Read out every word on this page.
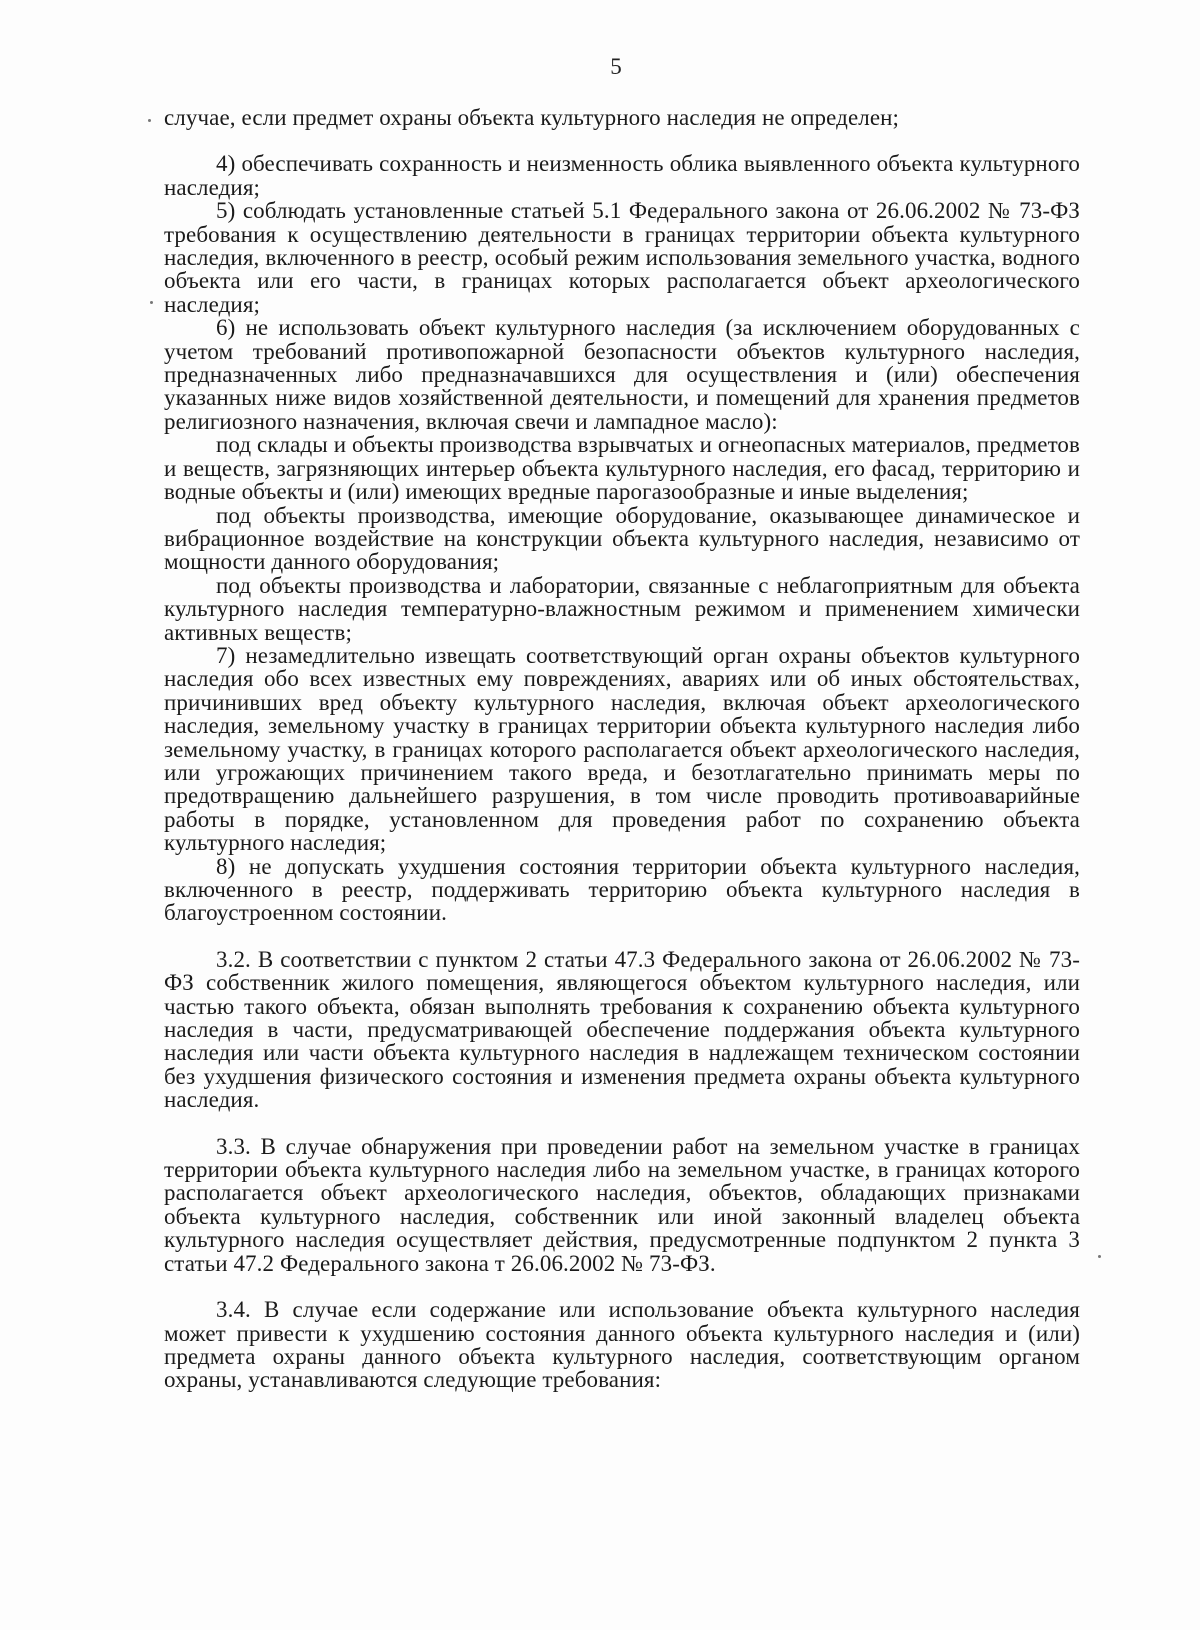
5

случае, если предмет охраны объекта культурного наследия не определен;

4) обеспечивать сохранность и неизменность облика выявленного объекта культурного наследия;

5) соблюдать установленные статьей 5.1 Федерального закона от 26.06.2002 № 73-ФЗ требования к осуществлению деятельности в границах территории объекта культурного наследия, включенного в реестр, особый режим использования земельного участка, водного объекта или его части, в границах которых располагается объект археологического наследия;

6) не использовать объект культурного наследия (за исключением оборудованных с учетом требований противопожарной безопасности объектов культурного наследия, предназначенных либо предназначавшихся для осуществления и (или) обеспечения указанных ниже видов хозяйственной деятельности, и помещений для хранения предметов религиозного назначения, включая свечи и лампадное масло):

под склады и объекты производства взрывчатых и огнеопасных материалов, предметов и веществ, загрязняющих интерьер объекта культурного наследия, его фасад, территорию и водные объекты и (или) имеющих вредные парогазообразные и иные выделения;

под объекты производства, имеющие оборудование, оказывающее динамическое и вибрационное воздействие на конструкции объекта культурного наследия, независимо от мощности данного оборудования;

под объекты производства и лаборатории, связанные с неблагоприятным для объекта культурного наследия температурно-влажностным режимом и применением химически активных веществ;

7) незамедлительно извещать соответствующий орган охраны объектов культурного наследия обо всех известных ему повреждениях, авариях или об иных обстоятельствах, причинивших вред объекту культурного наследия, включая объект археологического наследия, земельному участку в границах территории объекта культурного наследия либо земельному участку, в границах которого располагается объект археологического наследия, или угрожающих причинением такого вреда, и безотлагательно принимать меры по предотвращению дальнейшего разрушения, в том числе проводить противоаварийные работы в порядке, установленном для проведения работ по сохранению объекта культурного наследия;

8) не допускать ухудшения состояния территории объекта культурного наследия, включенного в реестр, поддерживать территорию объекта культурного наследия в благоустроенном состоянии.

3.2. В соответствии с пунктом 2 статьи 47.3 Федерального закона от 26.06.2002 № 73-ФЗ собственник жилого помещения, являющегося объектом культурного наследия, или частью такого объекта, обязан выполнять требования к сохранению объекта культурного наследия в части, предусматривающей обеспечение поддержания объекта культурного наследия или части объекта культурного наследия в надлежащем техническом состоянии без ухудшения физического состояния и изменения предмета охраны объекта культурного наследия.

3.3. В случае обнаружения при проведении работ на земельном участке в границах территории объекта культурного наследия либо на земельном участке, в границах которого располагается объект археологического наследия, объектов, обладающих признаками объекта культурного наследия, собственник или иной законный владелец объекта культурного наследия осуществляет действия, предусмотренные подпунктом 2 пункта 3 статьи 47.2 Федерального закона т 26.06.2002 № 73-ФЗ.

3.4. В случае если содержание или использование объекта культурного наследия может привести к ухудшению состояния данного объекта культурного наследия и (или) предмета охраны данного объекта культурного наследия, соответствующим органом охраны, устанавливаются следующие требования:
